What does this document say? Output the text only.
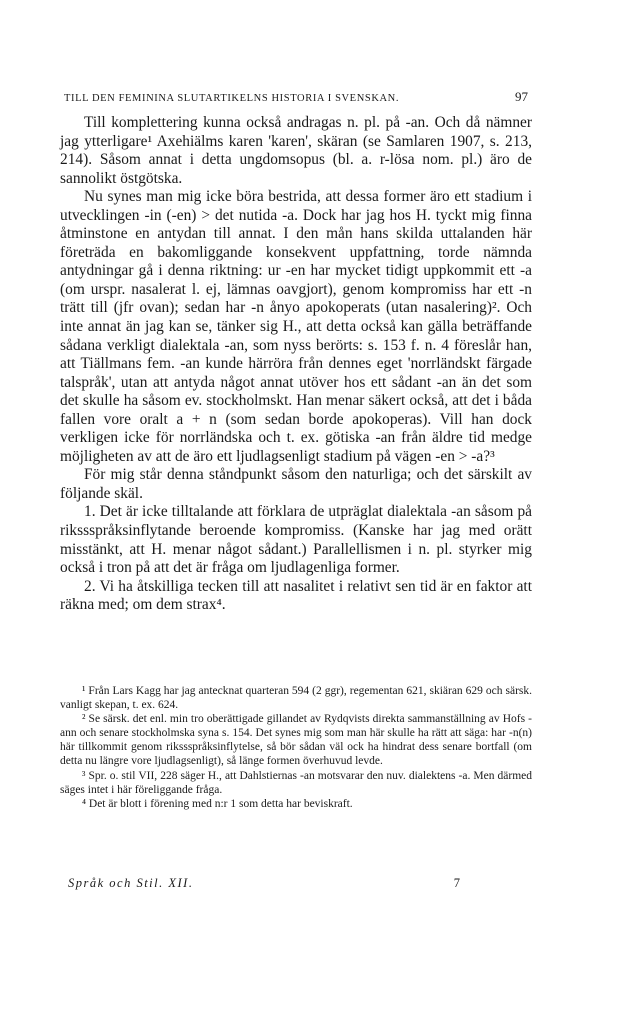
TILL DEN FEMININA SLUTARTIKELNS HISTORIA I SVENSKAN.	97

Till komplettering kunna också andragas n. pl. på -an. Och då nämner jag ytterligare¹ Axehiälms karen 'karen', skäran (se Samlaren 1907, s. 213, 214). Såsom annat i detta ungdomsopus (bl. a. r-lösa nom. pl.) äro de sannolikt östgötska.

Nu synes man mig icke böra bestrida, att dessa former äro ett stadium i utvecklingen -in (-en) > det nutida -a. Dock har jag hos H. tyckt mig finna åtminstone en antydan till annat. I den mån hans skilda uttalanden här företräda en bakomliggande konsekvent uppfattning, torde nämnda antydningar gå i denna riktning: ur -en har mycket tidigt uppkommit ett -a (om urspr. nasalerat l. ej, lämnas oavgjort), genom kompromiss har ett -n trätt till (jfr ovan); sedan har -n ånyo apokoperats (utan nasalering)². Och inte annat än jag kan se, tänker sig H., att detta också kan gälla beträffande sådana verkligt dialektala -an, som nyss berörts: s. 153 f. n. 4 föreslår han, att Tiällmans fem. -an kunde härröra från dennes eget 'norrländskt färgade talspråk', utan att antyda något annat utöver hos ett sådant -an än det som det skulle ha såsom ev. stockholmskt. Han menar säkert också, att det i båda fallen vore oralt a + n (som sedan borde apokoperas). Vill han dock verkligen icke för norrländska och t. ex. götiska -an från äldre tid medge möjligheten av att de äro ett ljudlagsenligt stadium på vägen -en > -a?³

För mig står denna ståndpunkt såsom den naturliga; och det särskilt av följande skäl.

1. Det är icke tilltalande att förklara de utpräglat dialektala -an såsom på rikssspråksinflytande beroende kompromiss. (Kanske har jag med orätt misstänkt, att H. menar något sådant.) Parallellismen i n. pl. styrker mig också i tron på att det är fråga om ljudlagenliga former.

2. Vi ha åtskilliga tecken till att nasalitet i relativt sen tid är en faktor att räkna med; om dem strax⁴.

¹ Från Lars Kagg har jag antecknat quarteran 594 (2 ggr), regementan 621, skiäran 629 och särsk. vanligt skepan, t. ex. 624.

² Se särsk. det enl. min tro oberättigade gillandet av Rydqvists direkta sammanställning av Hofs -ann och senare stockholmska syna s. 154. Det synes mig som man här skulle ha rätt att säga: har -n(n) här tillkommit genom rikssspråksinflytelse, så bör sådan väl ock ha hindrat dess senare bortfall (om detta nu längre vore ljudlagsenligt), så länge formen överhuvud levde.

³ Spr. o. stil VII, 228 säger H., att Dahlstiernas -an motsvarar den nuv. dialektens -a. Men därmed säges intet i här föreliggande fråga.

⁴ Det är blott i förening med n:r 1 som detta har beviskraft.

Språk och Stil. XII.	7
